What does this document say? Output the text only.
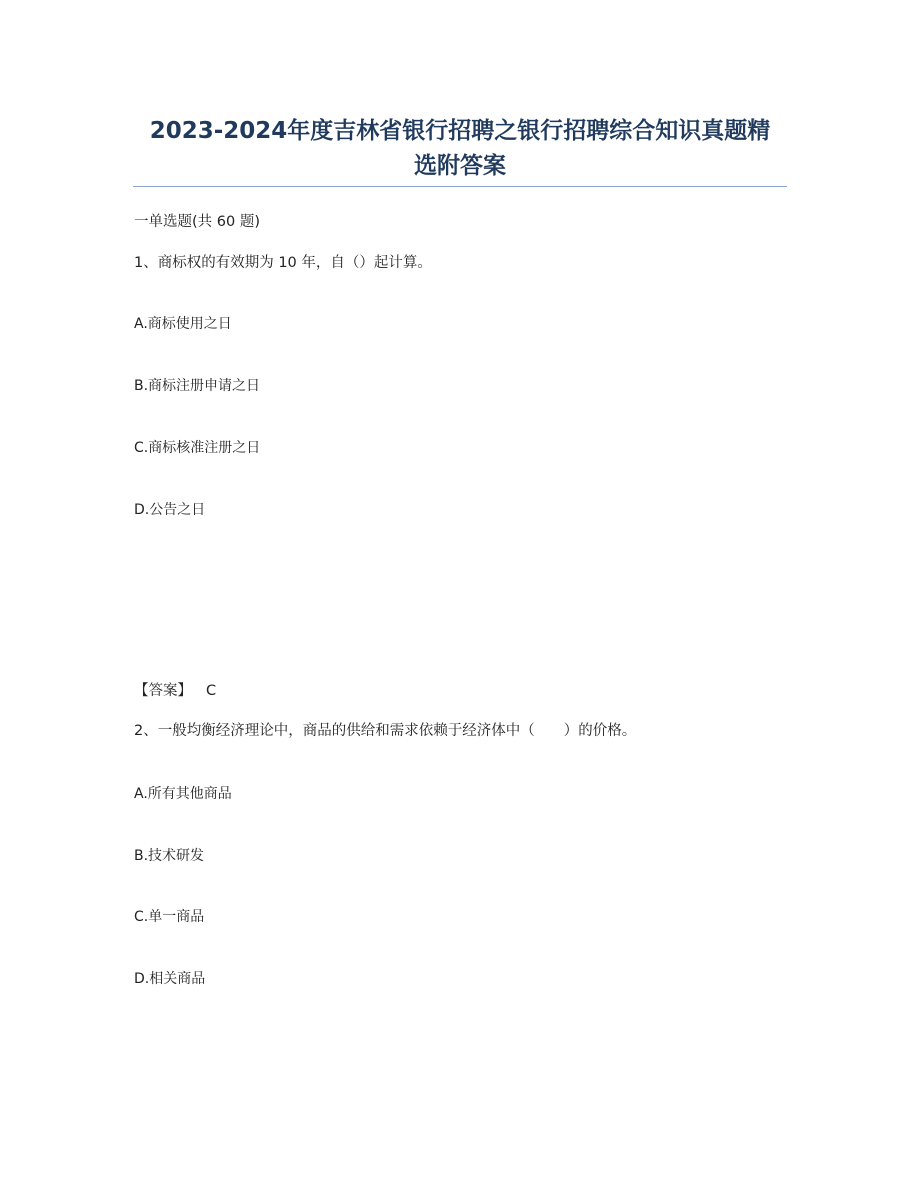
2023-2024年度吉林省银行招聘之银行招聘综合知识真题精
选附答案
一单选题(共 60 题)
1、商标权的有效期为 10 年，自（）起计算。
A.商标使用之日
B.商标注册申请之日
C.商标核准注册之日
D.公告之日
【答案】 C
2、一般均衡经济理论中，商品的供给和需求依赖于经济体中（　　）的价格。
A.所有其他商品
B.技术研发
C.单一商品
D.相关商品
